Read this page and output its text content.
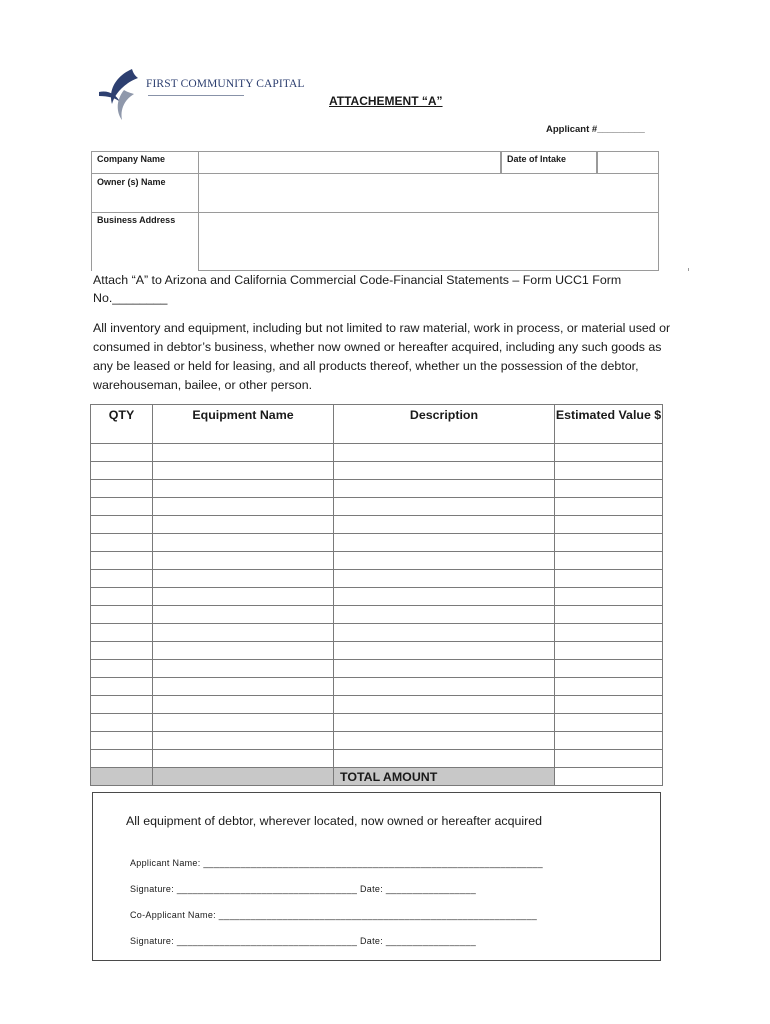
FIRST COMMUNITY CAPITAL
ATTACHEMENT “A”
Applicant #_________
Company Name
Owner (s) Name
Business Address
Date of Intake
Attach “A” to Arizona and California Commercial Code-Financial Statements – Form UCC1 Form No.________
All inventory and equipment, including but not limited to raw material, work in process, or material used or consumed in debtor’s business, whether now owned or hereafter acquired, including any such goods as any be leased or held for leasing, and all products thereof, whether un the possession of the debtor, warehouseman, bailee, or other person.
QTY	Equipment Name	Description	Estimated Value $

		TOTAL AMOUNT	
All equipment of debtor, wherever located, now owned or hereafter acquired
Applicant Name: ________________________________________________________________
Signature: __________________________________ Date: _________________
Co-Applicant Name: ____________________________________________________________
Signature: __________________________________ Date: _________________
